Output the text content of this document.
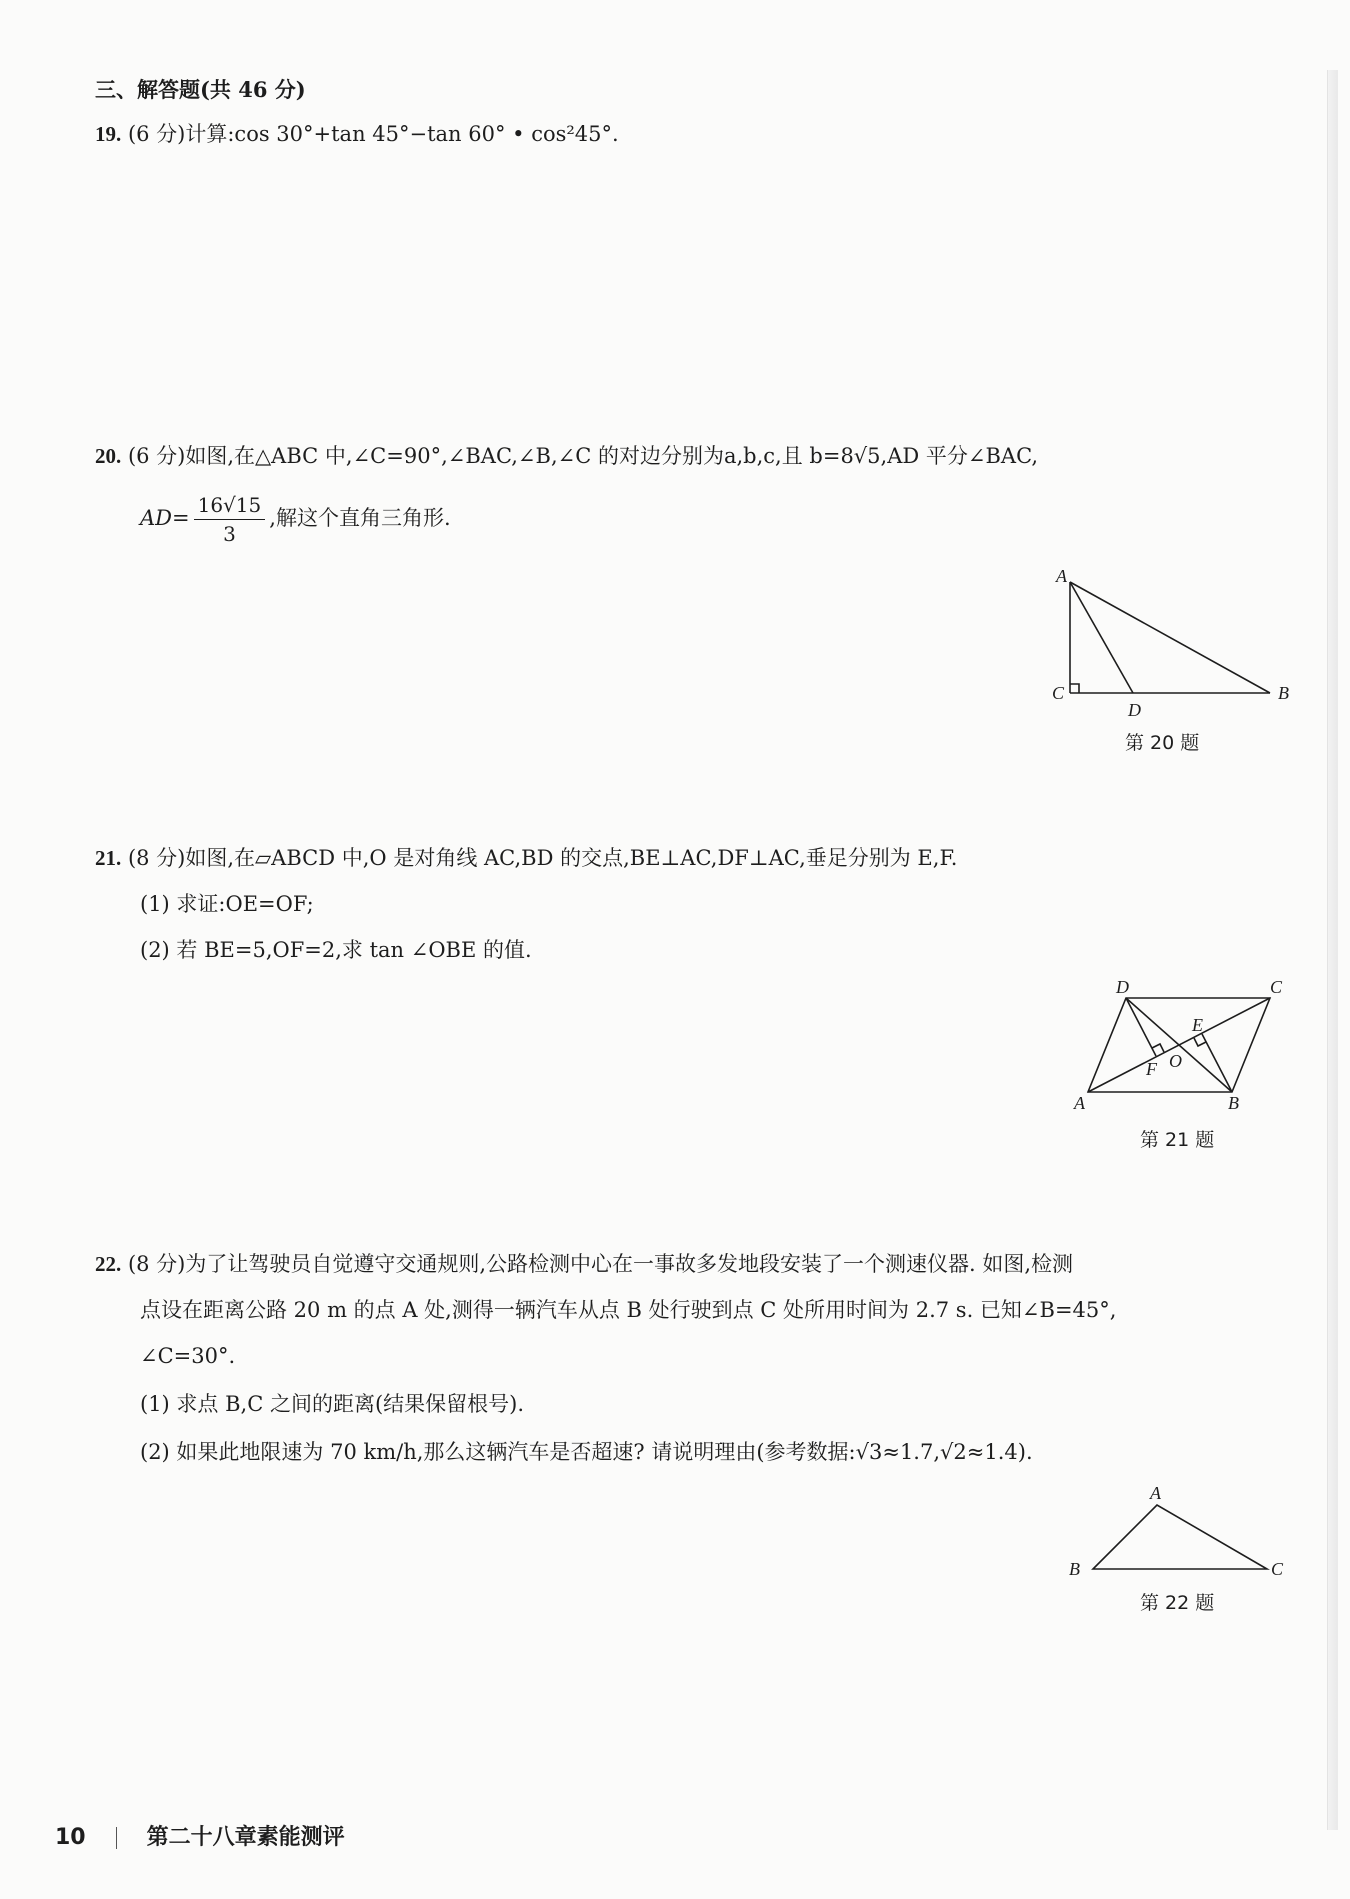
三、解答题(共 46 分)
19. (6 分)计算:cos 30°+tan 45°−tan 60° • cos²45°.
20. (6 分)如图,在△ABC 中,∠C=90°,∠BAC,∠B,∠C 的对边分别为a,b,c,且 b=8√5,AD 平分∠BAC,
$AD= \frac{16√15}{3}$ ,解这个直角三角形.
A
B
C
D
第 20 题
21. (8 分)如图,在▱ABCD 中,O 是对角线 AC,BD 的交点,BE⊥AC,DF⊥AC,垂足分别为 E,F.
(1) 求证:OE=OF;
(2) 若 BE=5,OF=2,求 tan ∠OBE 的值.
A	B
C
D
E
F O
第 21 题
22. (8 分)为了让驾驶员自觉遵守交通规则,公路检测中心在一事故多发地段安装了一个测速仪器. 如图,检测
点设在距离公路 20 m 的点 A 处,测得一辆汽车从点 B 处行驶到点 C 处所用时间为 2.7 s. 已知∠B=45°,
∠C=30°.
(1) 求点 B,C 之间的距离(结果保留根号).
(2) 如果此地限速为 70 km/h,那么这辆汽车是否超速? 请说明理由(参考数据:√3≈1.7,√2≈1.4).
A
B	C
第 22 题
10	第二十八章素能测评
